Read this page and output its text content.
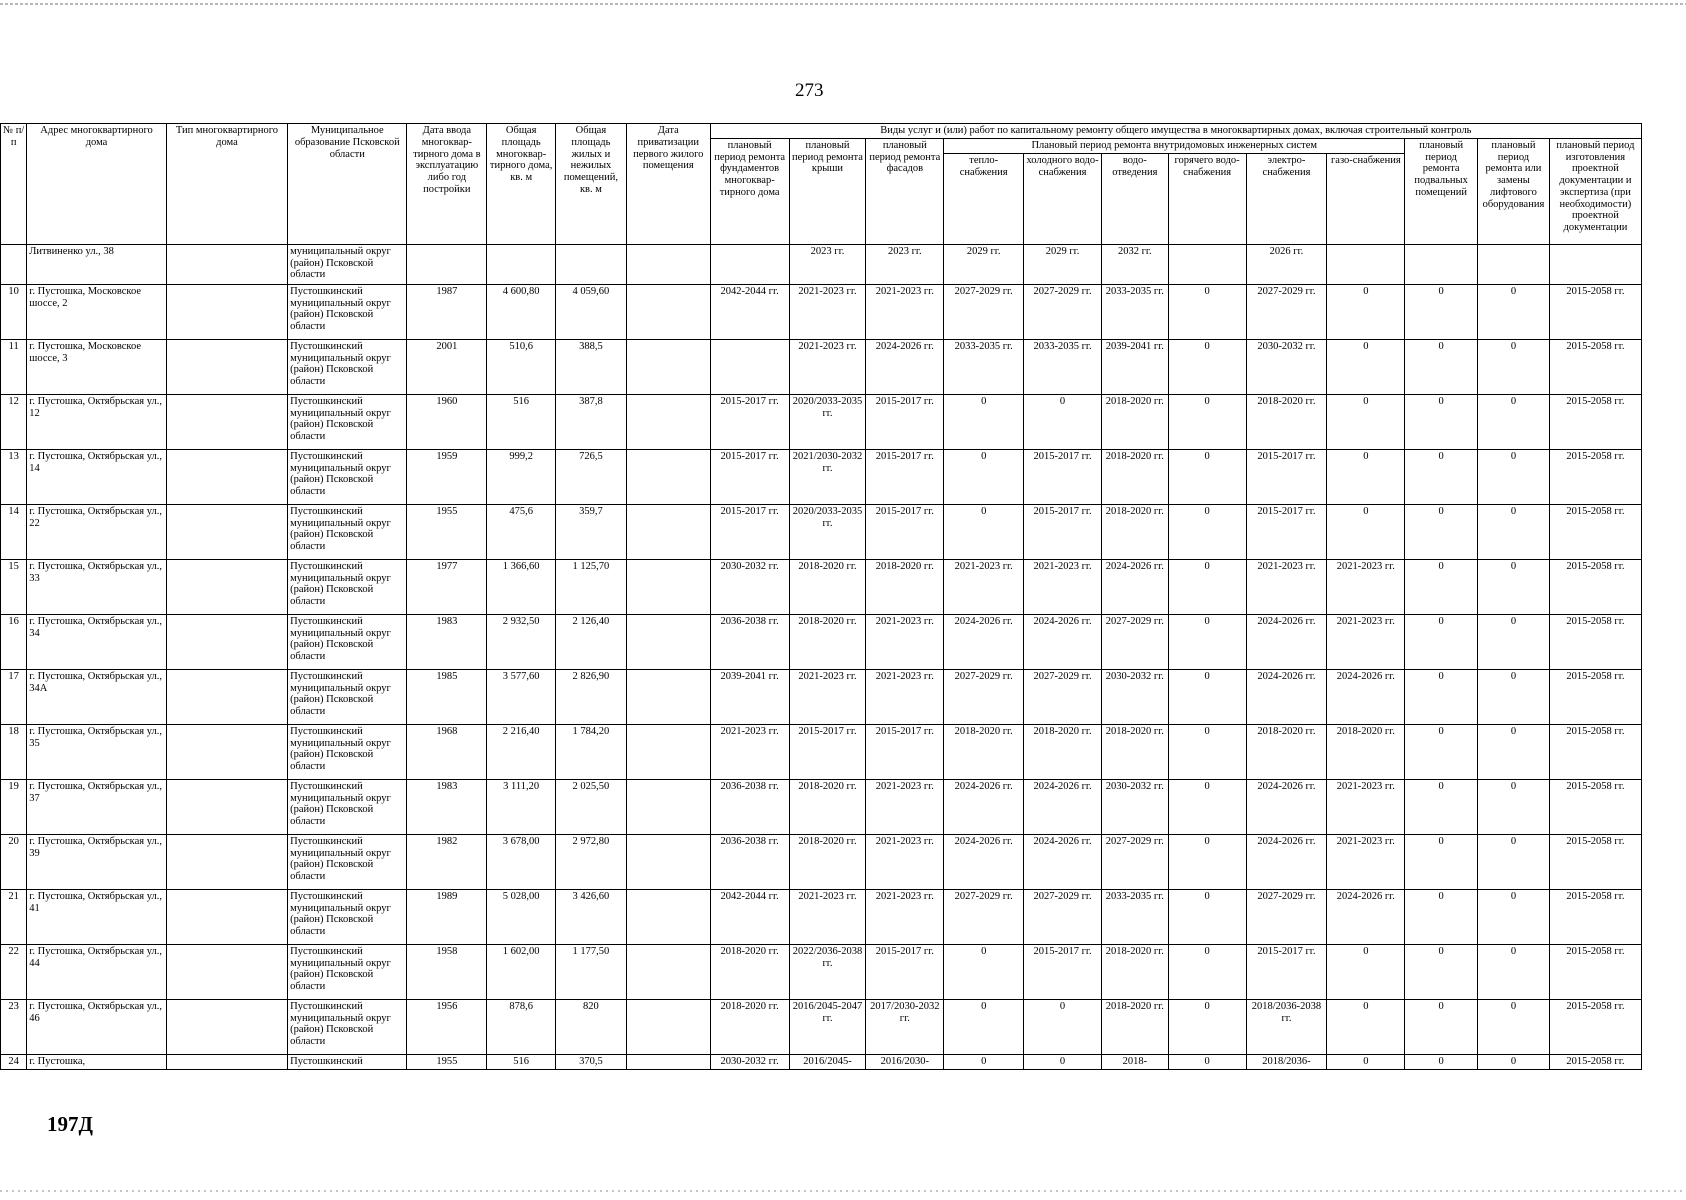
273
№ п/п	Адрес многоквартирного дома	Тип многоквартирного дома	Муниципальное образование Псковской области	Дата ввода многоквар-тирного дома в эксплуатацию либо год постройки	Общая площадь многоквар-тирного дома, кв. м	Общая площадь жилых и нежилых помещений, кв. м	Дата приватизации первого жилого помещения	Виды услуг и (или) работ по капитальному ремонту общего имущества в многоквартирных домах, включая строительный контроль											
								плановый период ремонта фундаментов многоквар-тирного дома	плановый период ремонта крыши	плановый период ремонта фасадов	Плановый период ремонта внутридомовых инженерных систем						плановый период ремонта подвальных помещений	плановый период ремонта или замены лифтового оборудования	плановый период изготовления проектной документации и экспертиза (при необходимости) проектной документации
											тепло-снабжения	холодного водо-снабжения	водо-отведения	горячего водо-снабжения	электро-снабжения	газо-снабжения			
	Литвиненко ул., 38		муниципальный округ (район) Псковской области						2023 гг.	2023 гг.	2029 гг.	2029 гг.	2032 гг.		2026 гг.				
10	г. Пустошка, Московское шоссе, 2		Пустошкинский муниципальный округ (район) Псковской области	1987	4 600,80	4 059,60		2042-2044 гг.	2021-2023 гг.	2021-2023 гг.	2027-2029 гг.	2027-2029 гг.	2033-2035 гг.	0	2027-2029 гг.	0	0	0	2015-2058 гг.
11	г. Пустошка, Московское шоссе, 3		Пустошкинский муниципальный округ (район) Псковской области	2001	510,6	388,5			2021-2023 гг.	2024-2026 гг.	2033-2035 гг.	2033-2035 гг.	2039-2041 гг.	0	2030-2032 гг.	0	0	0	2015-2058 гг.
12	г. Пустошка, Октябрьская ул., 12		Пустошкинский муниципальный округ (район) Псковской области	1960	516	387,8		2015-2017 гг.	2020/2033-2035 гг.	2015-2017 гг.	0	0	2018-2020 гг.	0	2018-2020 гг.	0	0	0	2015-2058 гг.
13	г. Пустошка, Октябрьская ул., 14		Пустошкинский муниципальный округ (район) Псковской области	1959	999,2	726,5		2015-2017 гг.	2021/2030-2032 гг.	2015-2017 гг.	0	2015-2017 гг.	2018-2020 гг.	0	2015-2017 гг.	0	0	0	2015-2058 гг.
14	г. Пустошка, Октябрьская ул., 22		Пустошкинский муниципальный округ (район) Псковской области	1955	475,6	359,7		2015-2017 гг.	2020/2033-2035 гг.	2015-2017 гг.	0	2015-2017 гг.	2018-2020 гг.	0	2015-2017 гг.	0	0	0	2015-2058 гг.
15	г. Пустошка, Октябрьская ул., 33		Пустошкинский муниципальный округ (район) Псковской области	1977	1 366,60	1 125,70		2030-2032 гг.	2018-2020 гг.	2018-2020 гг.	2021-2023 гг.	2021-2023 гг.	2024-2026 гг.	0	2021-2023 гг.	2021-2023 гг.	0	0	2015-2058 гг.
16	г. Пустошка, Октябрьская ул., 34		Пустошкинский муниципальный округ (район) Псковской области	1983	2 932,50	2 126,40		2036-2038 гг.	2018-2020 гг.	2021-2023 гг.	2024-2026 гг.	2024-2026 гг.	2027-2029 гг.	0	2024-2026 гг.	2021-2023 гг.	0	0	2015-2058 гг.
17	г. Пустошка, Октябрьская ул., 34А		Пустошкинский муниципальный округ (район) Псковской области	1985	3 577,60	2 826,90		2039-2041 гг.	2021-2023 гг.	2021-2023 гг.	2027-2029 гг.	2027-2029 гг.	2030-2032 гг.	0	2024-2026 гг.	2024-2026 гг.	0	0	2015-2058 гг.
18	г. Пустошка, Октябрьская ул., 35		Пустошкинский муниципальный округ (район) Псковской области	1968	2 216,40	1 784,20		2021-2023 гг.	2015-2017 гг.	2015-2017 гг.	2018-2020 гг.	2018-2020 гг.	2018-2020 гг.	0	2018-2020 гг.	2018-2020 гг.	0	0	2015-2058 гг.
19	г. Пустошка, Октябрьская ул., 37		Пустошкинский муниципальный округ (район) Псковской области	1983	3 111,20	2 025,50		2036-2038 гг.	2018-2020 гг.	2021-2023 гг.	2024-2026 гг.	2024-2026 гг.	2030-2032 гг.	0	2024-2026 гг.	2021-2023 гг.	0	0	2015-2058 гг.
20	г. Пустошка, Октябрьская ул., 39		Пустошкинский муниципальный округ (район) Псковской области	1982	3 678,00	2 972,80		2036-2038 гг.	2018-2020 гг.	2021-2023 гг.	2024-2026 гг.	2024-2026 гг.	2027-2029 гг.	0	2024-2026 гг.	2021-2023 гг.	0	0	2015-2058 гг.
21	г. Пустошка, Октябрьская ул., 41		Пустошкинский муниципальный округ (район) Псковской области	1989	5 028,00	3 426,60		2042-2044 гг.	2021-2023 гг.	2021-2023 гг.	2027-2029 гг.	2027-2029 гг.	2033-2035 гг.	0	2027-2029 гг.	2024-2026 гг.	0	0	2015-2058 гг.
22	г. Пустошка, Октябрьская ул., 44		Пустошкинский муниципальный округ (район) Псковской области	1958	1 602,00	1 177,50		2018-2020 гг.	2022/2036-2038 гг.	2015-2017 гг.	0	2015-2017 гг.	2018-2020 гг.	0	2015-2017 гг.	0	0	0	2015-2058 гг.
23	г. Пустошка, Октябрьская ул., 46		Пустошкинский муниципальный округ (район) Псковской области	1956	878,6	820		2018-2020 гг.	2016/2045-2047 гг.	2017/2030-2032 гг.	0	0	2018-2020 гг.	0	2018/2036-2038 гг.	0	0	0	2015-2058 гг.
24	г. Пустошка,		Пустошкинский	1955	516	370,5		2030-2032 гг.	2016/2045-	2016/2030-	0	0	2018-	0	2018/2036-	0	0	0	2015-2058 гг.
197Д
